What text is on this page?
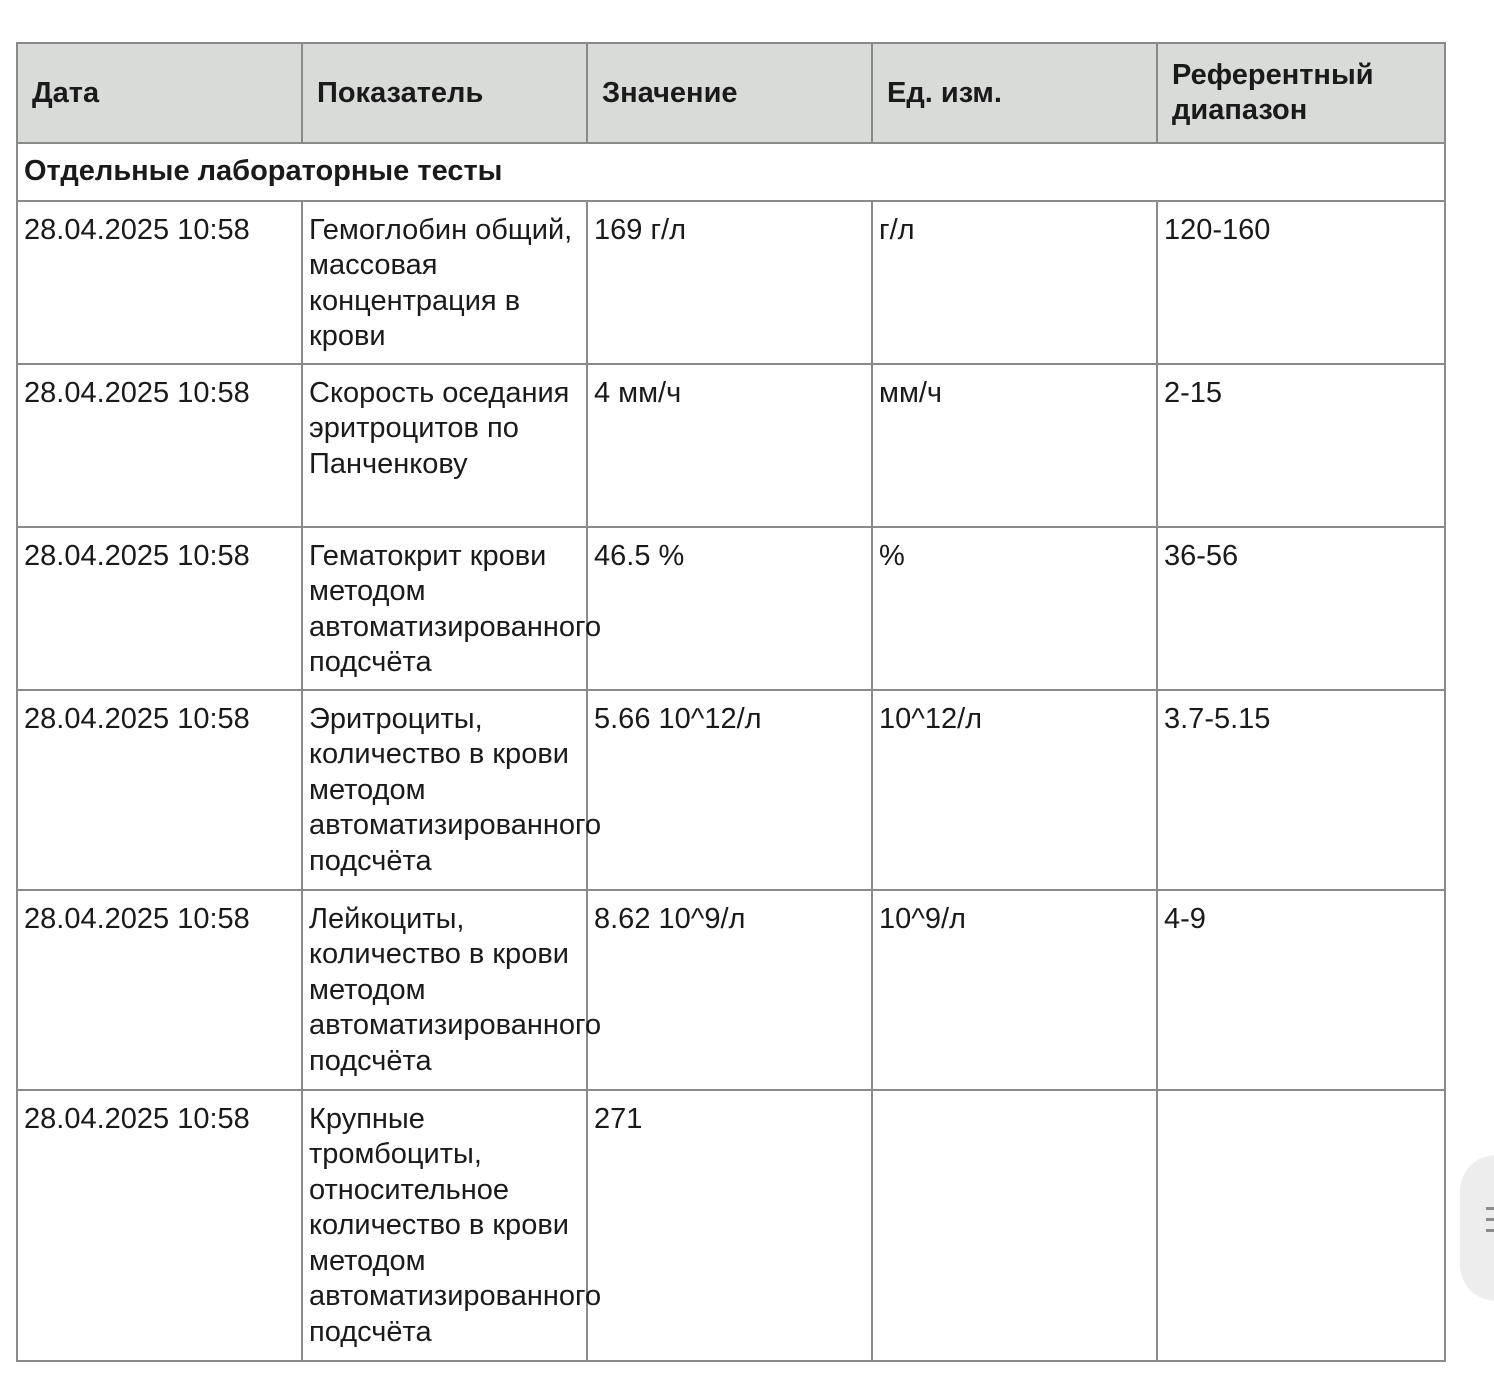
Дата	Показатель	Значение	Ед. изм.	Референтный диапазон
Отдельные лабораторные тесты				
28.04.2025 10:58	Гемоглобин общий, массовая концентрация в крови	169 г/л	г/л	120-160
28.04.2025 10:58	Скорость оседания эритроцитов по Панченкову	4 мм/ч	мм/ч	2-15
28.04.2025 10:58	Гематокрит крови методом автоматизированного подсчёта	46.5 %	%	36-56
28.04.2025 10:58	Эритроциты, количество в крови методом автоматизированного подсчёта	5.66 10^12/л	10^12/л	3.7-5.15
28.04.2025 10:58	Лейкоциты, количество в крови методом автоматизированного подсчёта	8.62 10^9/л	10^9/л	4-9
28.04.2025 10:58	Крупные тромбоциты, относительное количество в крови методом автоматизированного подсчёта	271		
